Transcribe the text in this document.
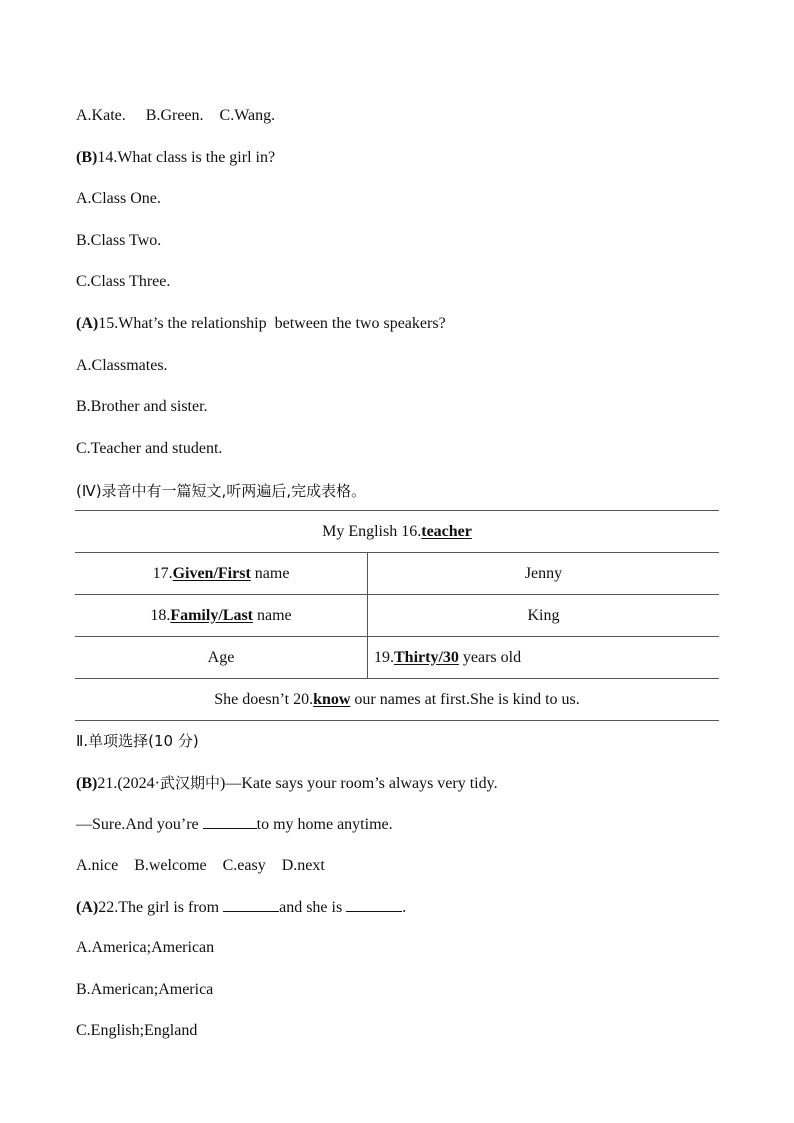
A.Kate. B.Green. C.Wang.
(B)14.What class is the girl in?
A.Class One.
B.Class Two.
C.Class Three.
(A)15.What’s the relationship  between the two speakers?
A.Classmates.
B.Brother and sister.
C.Teacher and student.
(Ⅳ)录音中有一篇短文,听两遍后,完成表格。
My English 16.teacher	
17.Given/First name	Jenny
18.Family/Last name	King
Age	19.Thirty/30 years old
She doesn’t 20.know our names at first.She is kind to us.	
Ⅱ.单项选择(10 分)
(B)21.(2024·武汉期中)—Kate says your room’s always very tidy.
—Sure.And you’re	to my home anytime.
A.nice B.welcome C.easy D.next
(A)22.The girl is from	and she is	.
A.America;American
B.American;America
C.English;England
